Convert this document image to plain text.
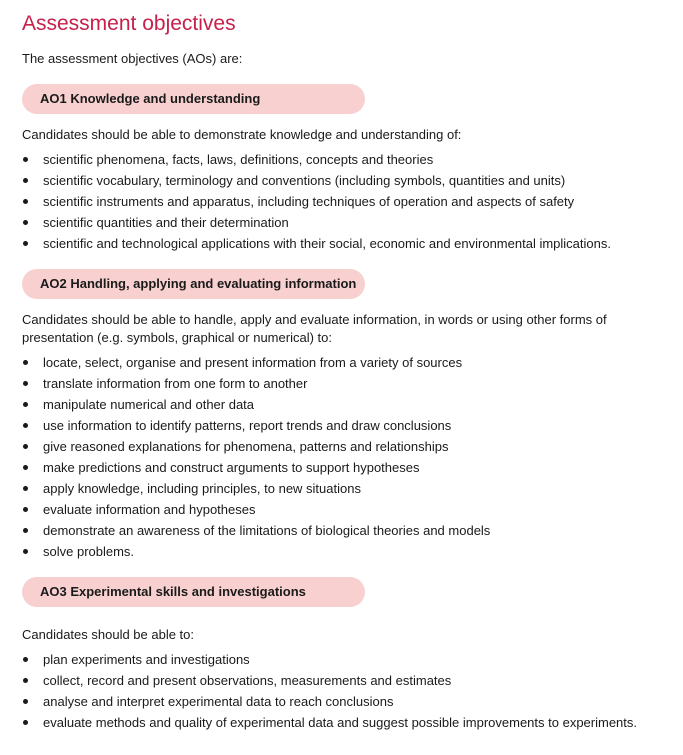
Assessment objectives
The assessment objectives (AOs) are:
AO1 Knowledge and understanding
Candidates should be able to demonstrate knowledge and understanding of:
scientific phenomena, facts, laws, definitions, concepts and theories
scientific vocabulary, terminology and conventions (including symbols, quantities and units)
scientific instruments and apparatus, including techniques of operation and aspects of safety
scientific quantities and their determination
scientific and technological applications with their social, economic and environmental implications.
AO2 Handling, applying and evaluating information
Candidates should be able to handle, apply and evaluate information, in words or using other forms of presentation (e.g. symbols, graphical or numerical) to:
locate, select, organise and present information from a variety of sources
translate information from one form to another
manipulate numerical and other data
use information to identify patterns, report trends and draw conclusions
give reasoned explanations for phenomena, patterns and relationships
make predictions and construct arguments to support hypotheses
apply knowledge, including principles, to new situations
evaluate information and hypotheses
demonstrate an awareness of the limitations of biological theories and models
solve problems.
AO3 Experimental skills and investigations
Candidates should be able to:
plan experiments and investigations
collect, record and present observations, measurements and estimates
analyse and interpret experimental data to reach conclusions
evaluate methods and quality of experimental data and suggest possible improvements to experiments.
